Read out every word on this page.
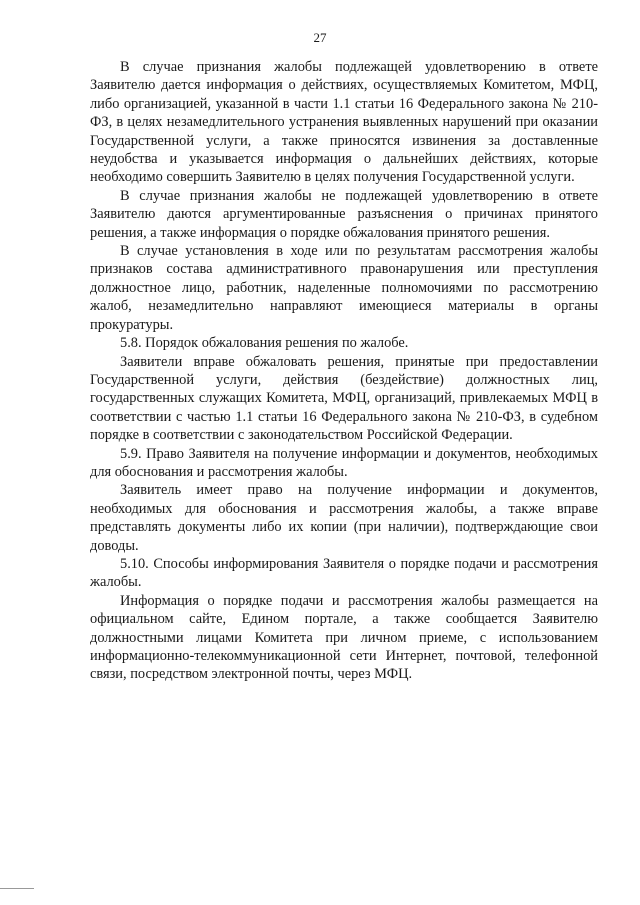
27

В случае признания жалобы подлежащей удовлетворению в ответе Заявителю дается информация о действиях, осуществляемых Комитетом, МФЦ, либо организацией, указанной в части 1.1 статьи 16 Федерального закона № 210-ФЗ, в целях незамедлительного устранения выявленных нарушений при оказании Государственной услуги, а также приносятся извинения за доставленные неудобства и указывается информация о дальнейших действиях, которые необходимо совершить Заявителю в целях получения Государственной услуги.

В случае признания жалобы не подлежащей удовлетворению в ответе Заявителю даются аргументированные разъяснения о причинах принятого решения, а также информация о порядке обжалования принятого решения.

В случае установления в ходе или по результатам рассмотрения жалобы признаков состава административного правонарушения или преступления должностное лицо, работник, наделенные полномочиями по рассмотрению жалоб, незамедлительно направляют имеющиеся материалы в органы прокуратуры.

5.8. Порядок обжалования решения по жалобе.

Заявители вправе обжаловать решения, принятые при предоставлении Государственной услуги, действия (бездействие) должностных лиц, государственных служащих Комитета, МФЦ, организаций, привлекаемых МФЦ в соответствии с частью 1.1 статьи 16 Федерального закона № 210-ФЗ, в судебном порядке в соответствии с законодательством Российской Федерации.

5.9. Право Заявителя на получение информации и документов, необходимых для обоснования и рассмотрения жалобы.

Заявитель имеет право на получение информации и документов, необходимых для обоснования и рассмотрения жалобы, а также вправе представлять документы либо их копии (при наличии), подтверждающие свои доводы.

5.10. Способы информирования Заявителя о порядке подачи и рассмотрения жалобы.

Информация о порядке подачи и рассмотрения жалобы размещается на официальном сайте, Едином портале, а также сообщается Заявителю должностными лицами Комитета при личном приеме, с использованием информационно-телекоммуникационной сети Интернет, почтовой, телефонной связи, посредством электронной почты, через МФЦ.
